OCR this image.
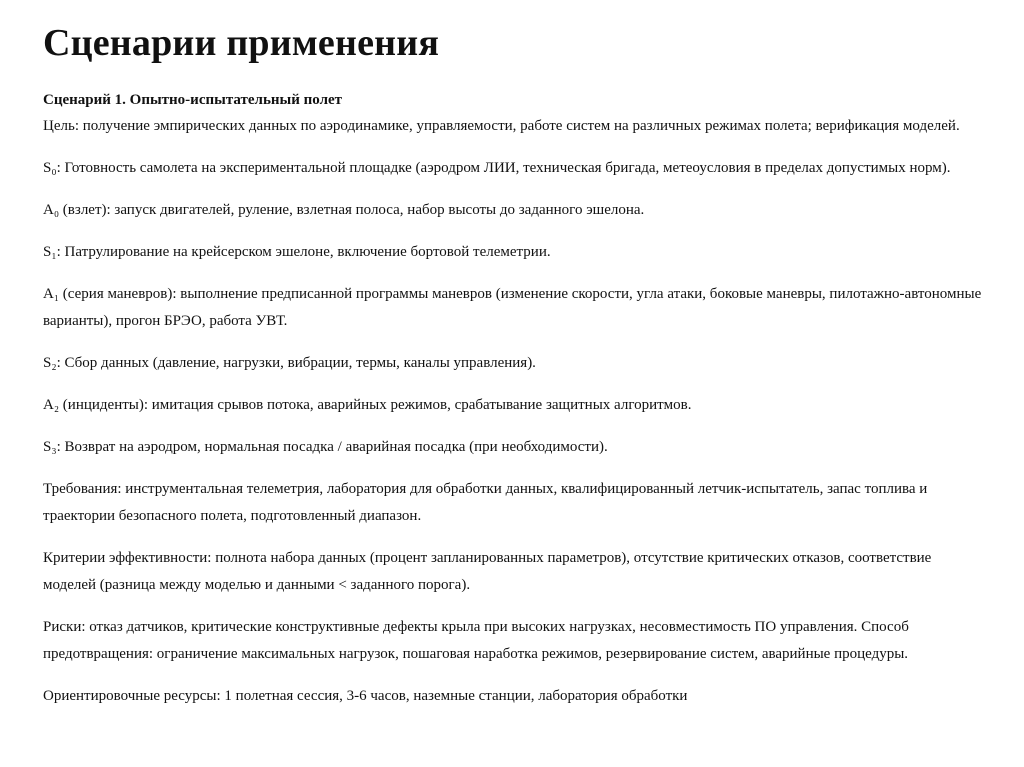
Сценарии применения
Сценарий 1. Опытно-испытательный полет

Цель: получение эмпирических данных по аэродинамике, управляемости, работе систем на различных режимах полета; верификация моделей.

S₀: Готовность самолета на экспериментальной площадке (аэродром ЛИИ, техническая бригада, метеоусловия в пределах допустимых норм).

A₀ (взлет): запуск двигателей, руление, взлетная полоса, набор высоты до заданного эшелона.

S₁: Патрулирование на крейсерском эшелоне, включение бортовой телеметрии.

A₁ (серия маневров): выполнение предписанной программы маневров (изменение скорости, угла атаки, боковые маневры, пилотажно-автономные варианты), прогон БРЭО, работа УВТ.

S₂: Сбор данных (давление, нагрузки, вибрации, термы, каналы управления).

A₂ (инциденты): имитация срывов потока, аварийных режимов, срабатывание защитных алгоритмов.

S₃: Возврат на аэродром, нормальная посадка / аварийная посадка (при необходимости).

Требования: инструментальная телеметрия, лаборатория для обработки данных, квалифицированный летчик-испытатель, запас топлива и траектории безопасного полета, подготовленный диапазон.

Критерии эффективности: полнота набора данных (процент запланированных параметров), отсутствие критических отказов, соответствие моделей (разница между моделью и данными < заданного порога).

Риски: отказ датчиков, критические конструктивные дефекты крыла при высоких нагрузках, несовместимость ПО управления. Способ предотвращения: ограничение максимальных нагрузок, пошаговая наработка режимов, резервирование систем, аварийные процедуры.

Ориентировочные ресурсы: 1 полетная сессия, 3-6 часов, наземные станции, лаборатория обработки
